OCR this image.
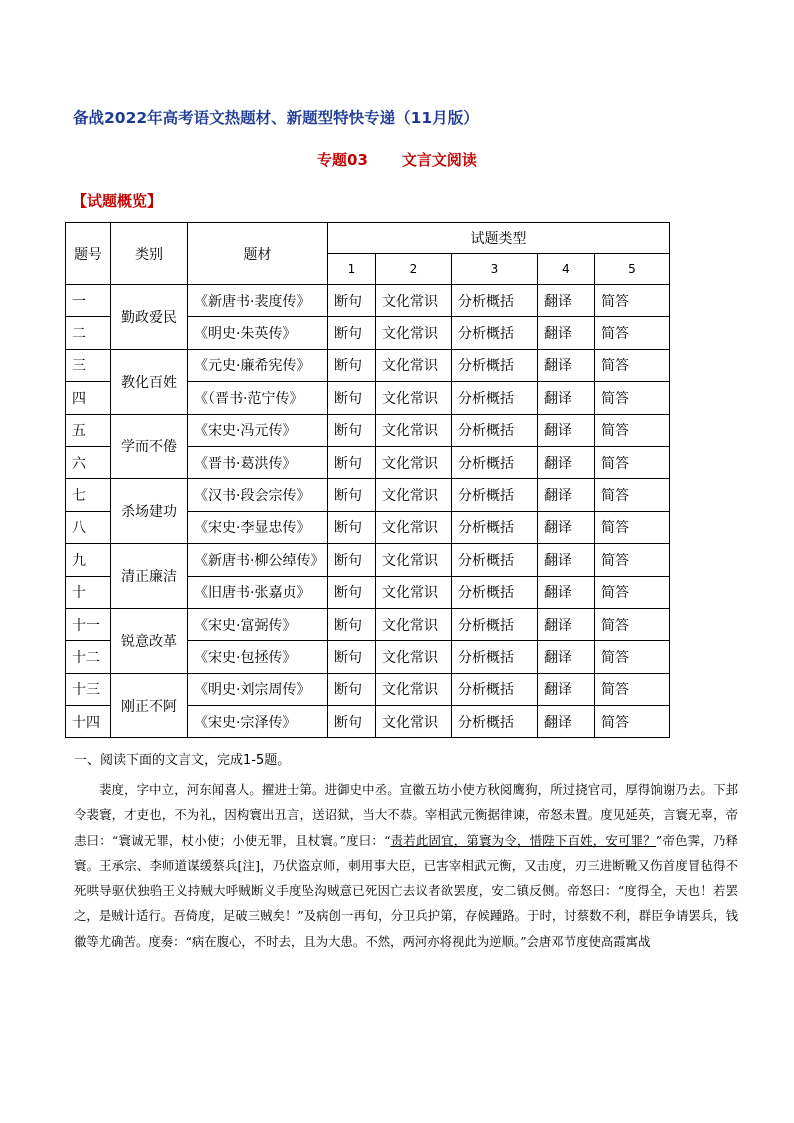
备战2022年高考语文热题材、新题型特快专递（11月版）
专题03 文言文阅读
【试题概览】
题号	类别	题材	试题类型				
			1	2	3	4	5
一	勤政爱民	《新唐书·裴度传》	断句	文化常识	分析概括	翻译	简答
二		《明史·朱英传》	断句	文化常识	分析概括	翻译	简答
三	教化百姓	《元史·廉希宪传》	断句	文化常识	分析概括	翻译	简答
四		《（晋书·范宁传》	断句	文化常识	分析概括	翻译	简答
五	学而不倦	《宋史·冯元传》	断句	文化常识	分析概括	翻译	简答
六		《晋书·葛洪传》	断句	文化常识	分析概括	翻译	简答
七	杀场建功	《汉书·段会宗传》	断句	文化常识	分析概括	翻译	简答
八		《宋史·李显忠传》	断句	文化常识	分析概括	翻译	简答
九	清正廉洁	《新唐书·柳公绰传》	断句	文化常识	分析概括	翻译	简答
十		《旧唐书·张嘉贞》	断句	文化常识	分析概括	翻译	简答
十一	锐意改革	《宋史·富弼传》	断句	文化常识	分析概括	翻译	简答
十二		《宋史·包拯传》	断句	文化常识	分析概括	翻译	简答
十三	刚正不阿	《明史·刘宗周传》	断句	文化常识	分析概括	翻译	简答
十四		《宋史·宗泽传》	断句	文化常识	分析概括	翻译	简答
一、阅读下面的文言文，完成1-5题。
裴度，字中立，河东闻喜人。擢进士第。进御史中丞。宣徽五坊小使方秋阅鹰狗，所过挠官司，厚得饷谢乃去。下邽令裴寰，才吏也，不为礼，因构寰出丑言，送诏狱，当大不恭。宰相武元衡据律谏，帝怒未置。度见延英，言寰无辜，帝恚曰：“寰诚无罪，杖小使；小使无罪，且杖寰。”度曰：“责若此固宜，第寰为令，惜陛下百姓，安可罪？”帝色霁，乃释寰。王承宗、李师道谋缓蔡兵[注]，乃伏盗京师，刺用事大臣，已害宰相武元衡，又击度，刃三进断靴又伤首度冒毡得不死哄导驱伏独驺王义持贼大呼贼断义手度坠沟贼意已死因亡去议者欲罢度，安二镇反侧。帝怒曰：“度得全，天也！若罢之，是贼计适行。吾倚度，足破三贼矣！”及病创一再旬，分卫兵护第，存候踵路。于时，讨蔡数不利，群臣争请罢兵，钱徽等尤确苦。度奏：“病在腹心，不时去，且为大患。不然，两河亦将视此为逆顺。”会唐邓节度使高霞寓战
